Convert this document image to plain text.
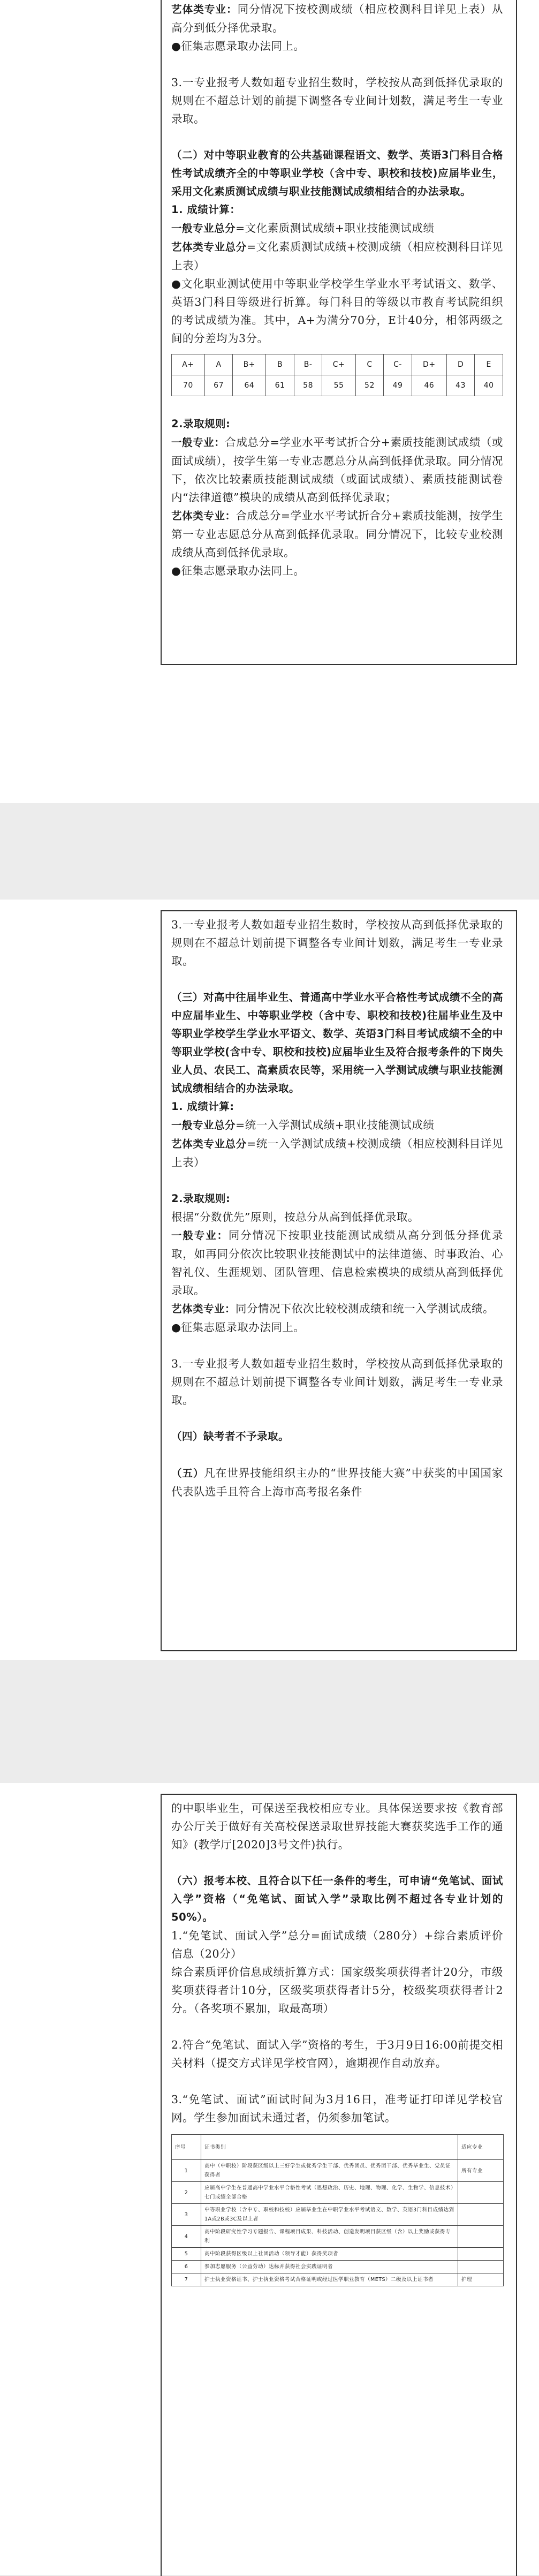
艺体类专业：同分情况下按校测成绩（相应校测科目详见上表）从高分到低分择优录取。

●征集志愿录取办法同上。

3.一专业报考人数如超专业招生数时，学校按从高到低择优录取的规则在不超总计划的前提下调整各专业间计划数，满足考生一专业录取。

（二）对中等职业教育的公共基础课程语文、数学、英语3门科目合格性考试成绩齐全的中等职业学校（含中专、职校和技校)应届毕业生，采用文化素质测试成绩与职业技能测试成绩相结合的办法录取。

1. 成绩计算：

一般专业总分=文化素质测试成绩+职业技能测试成绩

艺体类专业总分=文化素质测试成绩+校测成绩（相应校测科目详见上表）

●文化职业测试使用中等职业学校学生学业水平考试语文、数学、英语3门科目等级进行折算。每门科目的等级以市教育考试院组织的考试成绩为准。其中，A+为满分70分，E计40分，相邻两级之间的分差均为3分。

A+	A	B+	B	B-	C+	C	C-	D+	D	E
70	67	64	61	58	55	52	49	46	43	40

2.录取规则:

一般专业：合成总分=学业水平考试折合分+素质技能测试成绩（或面试成绩），按学生第一专业志愿总分从高到低择优录取。同分情况下，依次比较素质技能测试成绩（或面试成绩）、素质技能测试卷内“法律道德”模块的成绩从高到低择优录取；

艺体类专业：合成总分=学业水平考试折合分+素质技能测，按学生第一专业志愿总分从高到低择优录取。同分情况下，比较专业校测成绩从高到低择优录取。

●征集志愿录取办法同上。

3.一专业报考人数如超专业招生数时，学校按从高到低择优录取的规则在不超总计划前提下调整各专业间计划数，满足考生一专业录取。

（三）对高中往届毕业生、普通高中学业水平合格性考试成绩不全的高中应届毕业生、中等职业学校（含中专、职校和技校)往届毕业生及中等职业学校学生学业水平语文、数学、英语3门科目考试成绩不全的中等职业学校(含中专、职校和技校)应届毕业生及符合报考条件的下岗失业人员、农民工、高素质农民等，采用统一入学测试成绩与职业技能测试成绩相结合的办法录取。

1. 成绩计算:

一般专业总分=统一入学测试成绩+职业技能测试成绩

艺体类专业总分=统一入学测试成绩+校测成绩（相应校测科目详见上表）

2.录取规则:

根据“分数优先”原则，按总分从高到低择优录取。

一般专业：同分情况下按职业技能测试成绩从高分到低分择优录取，如再同分依次比较职业技能测试中的法律道德、时事政治、心智礼仪、生涯规划、团队管理、信息检索模块的成绩从高到低择优录取。

艺体类专业：同分情况下依次比较校测成绩和统一入学测试成绩。

●征集志愿录取办法同上。

3.一专业报考人数如超专业招生数时，学校按从高到低择优录取的规则在不超总计划前提下调整各专业间计划数，满足考生一专业录取。

（四）缺考者不予录取。

（五）凡在世界技能组织主办的“世界技能大赛”中获奖的中国国家代表队选手且符合上海市高考报名条件

的中职毕业生，可保送至我校相应专业。具体保送要求按《教育部办公厅关于做好有关高校保送录取世界技能大赛获奖选手工作的通知》(教学厅[2020]3号文件)执行。

（六）报考本校、且符合以下任一条件的考生，可申请“免笔试、面试入学”资格（“免笔试、面试入学”录取比例不超过各专业计划的50%）。

1.“免笔试、面试入学”总分=面试成绩（280分）+综合素质评价信息（20分）

综合素质评价信息成绩折算方式：国家级奖项获得者计20分，市级奖项获得者计10分，区级奖项获得者计5分，校级奖项获得者计2分。（各奖项不累加，取最高项）

2.符合“免笔试、面试入学”资格的考生，于3月9日16:00前提交相关材料（提交方式详见学校官网），逾期视作自动放弃。

3.“免笔试、面试”面试时间为3月16日，准考证打印详见学校官网。学生参加面试未通过者，仍须参加笔试。

序号	证书类别	适应专业
1	高中（中职校）阶段获区级以上三好学生或优秀学生干部、优秀团员、优秀团干部、优秀毕业生、党员证获得者	所有专业
2	应届高中学生在普通高中学业水平合格性考试（思想政治、历史、地理、物理、化学、生物学、信息技术）七门成绩全部合格	
3	中等职业学校（含中专、职校和技校）应届毕业生在中职学业水平考试语文、数学、英语3门科目成绩达到1A或2B或3C及以上者	
4	高中阶段研究性学习专题报告、课程项目成果、科技活动、创造发明项目获区级（含）以上奖励或获得专利	
5	高中阶段获得区级以上社团活动（领导才能）获得奖项者	
6	参加志愿服务（公益劳动）达标并获得社会实践证明者	
7	护士执业资格证书、护士执业资格考试合格证明或经过医学职业教育（METS）二级及以上证书者	护理
